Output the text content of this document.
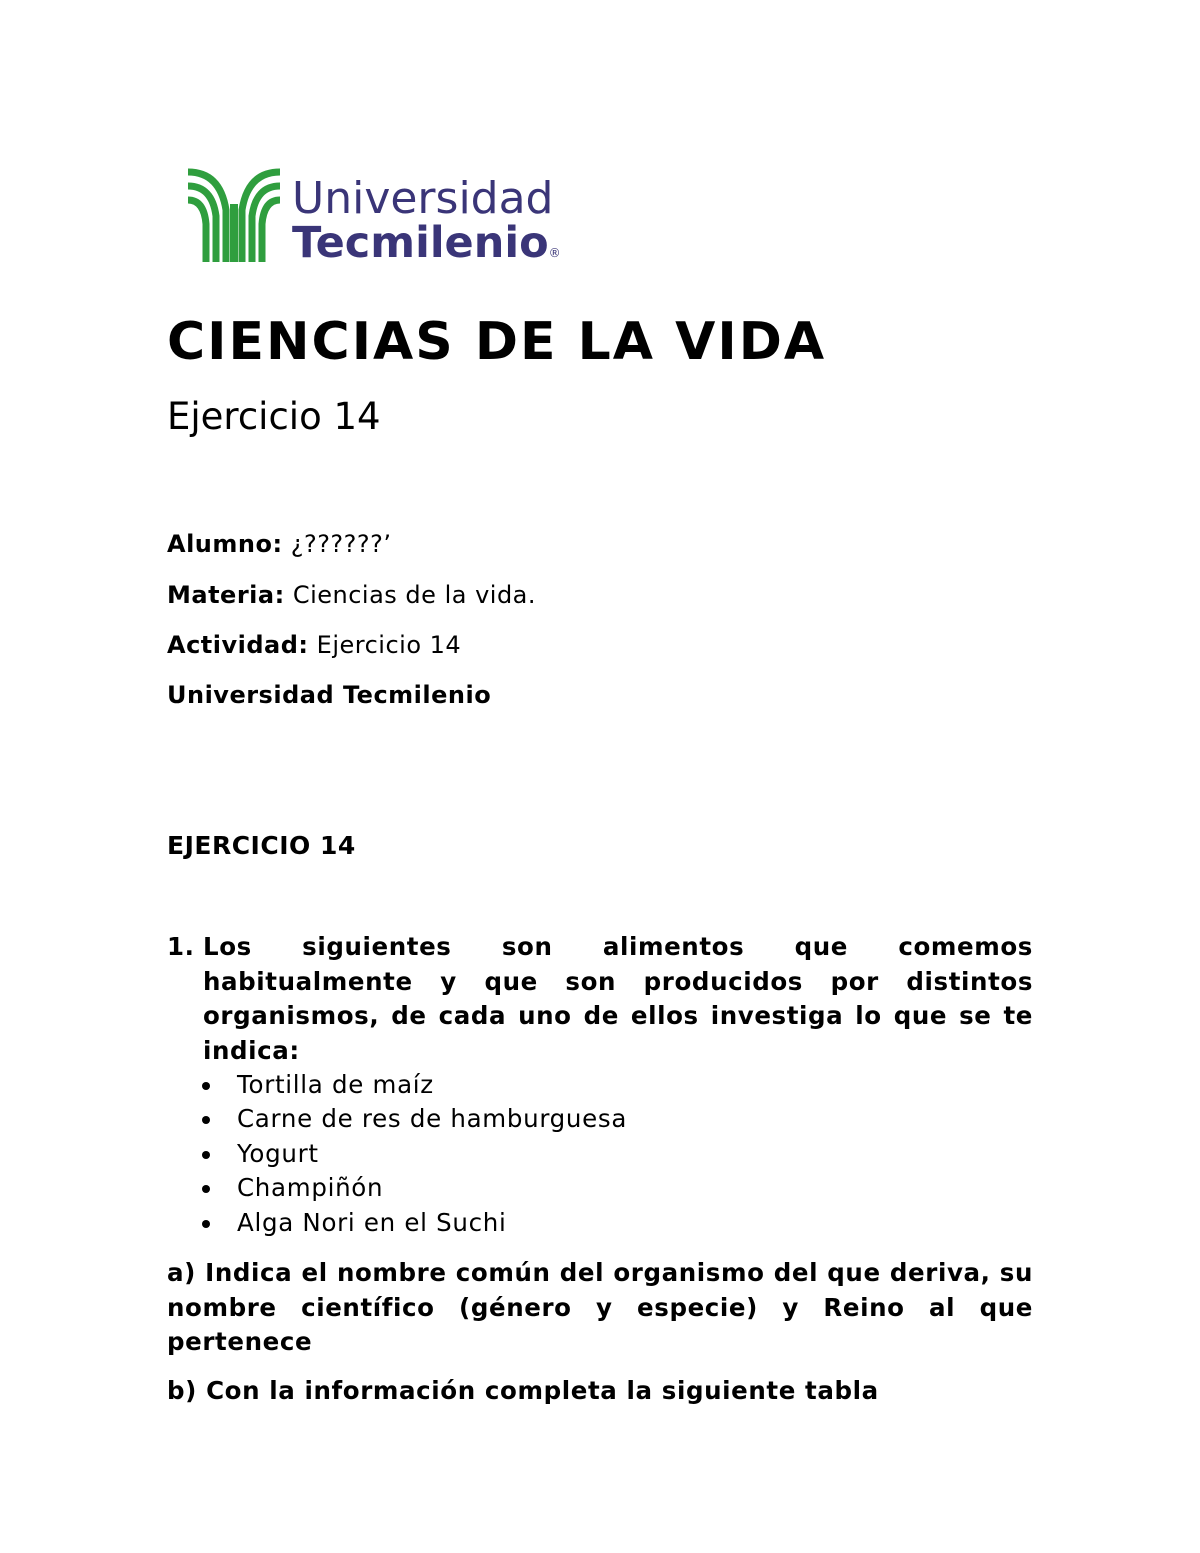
Universidad
Tecmilenio®
CIENCIAS DE LA VIDA
Ejercicio 14
Alumno: ¿??????’
Materia: Ciencias de la vida.
Actividad: Ejercicio 14
Universidad Tecmilenio
EJERCICIO 14
1. Los siguientes son alimentos que comemos habitualmente y que son producidos por distintos organismos, de cada uno de ellos investiga lo que se te indica:
Tortilla de maíz
Carne de res de hamburguesa
Yogurt
Champiñón
Alga Nori en el Suchi
a) Indica el nombre común del organismo del que deriva, su nombre científico (género y especie) y Reino al que pertenece
b) Con la información completa la siguiente tabla
